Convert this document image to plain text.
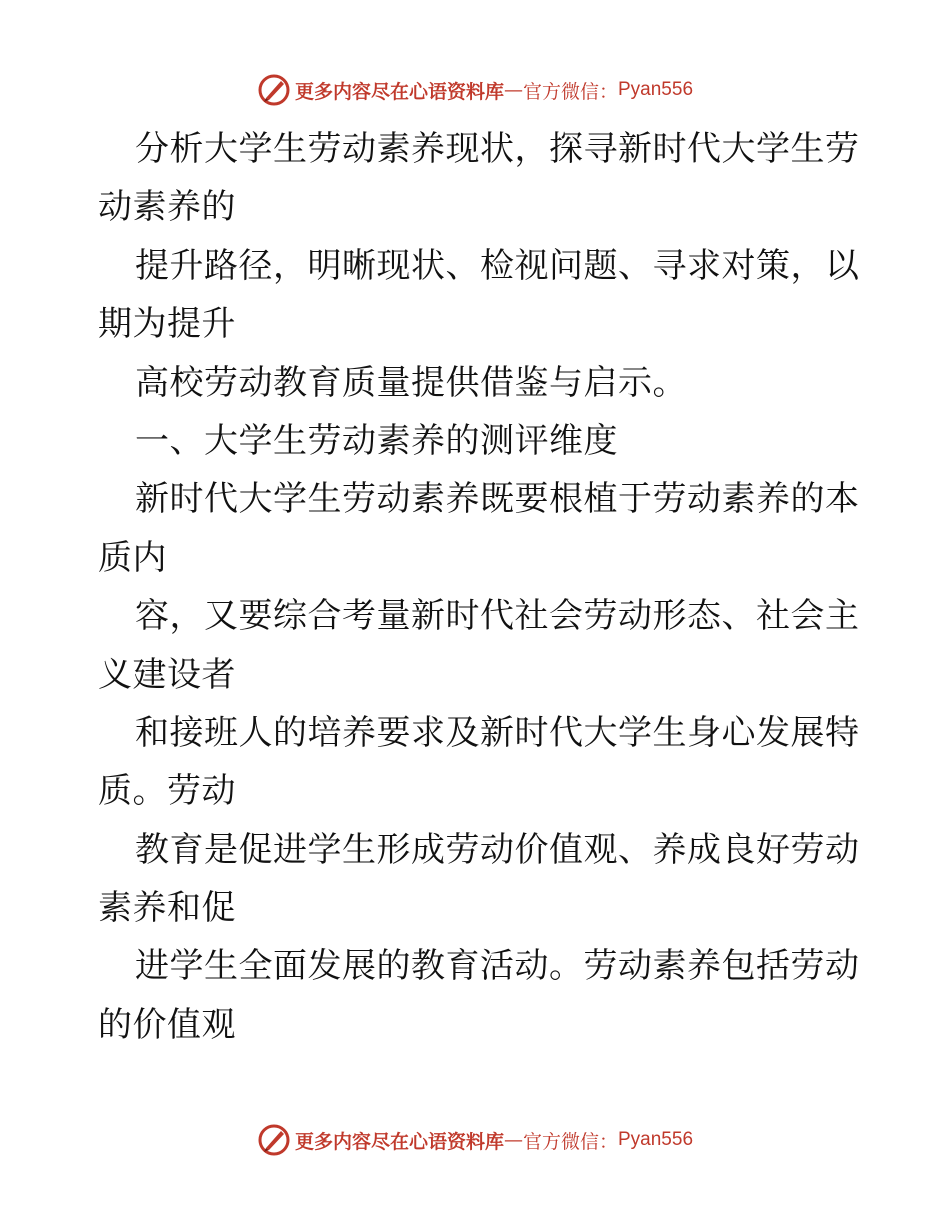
更多内容尽在心语资料库 — 官方微信： Pyan556
分析大学生劳动素养现状，探寻新时代大学生劳
动素养的
提升路径，明晰现状、检视问题、寻求对策，以
期为提升
高校劳动教育质量提供借鉴与启示。
一、大学生劳动素养的测评维度
新时代大学生劳动素养既要根植于劳动素养的本
质内
容，又要综合考量新时代社会劳动形态、社会主
义建设者
和接班人的培养要求及新时代大学生身心发展特
质。劳动
教育是促进学生形成劳动价值观、养成良好劳动
素养和促
进学生全面发展的教育活动。劳动素养包括劳动
的价值观
更多内容尽在心语资料库 — 官方微信： Pyan556
